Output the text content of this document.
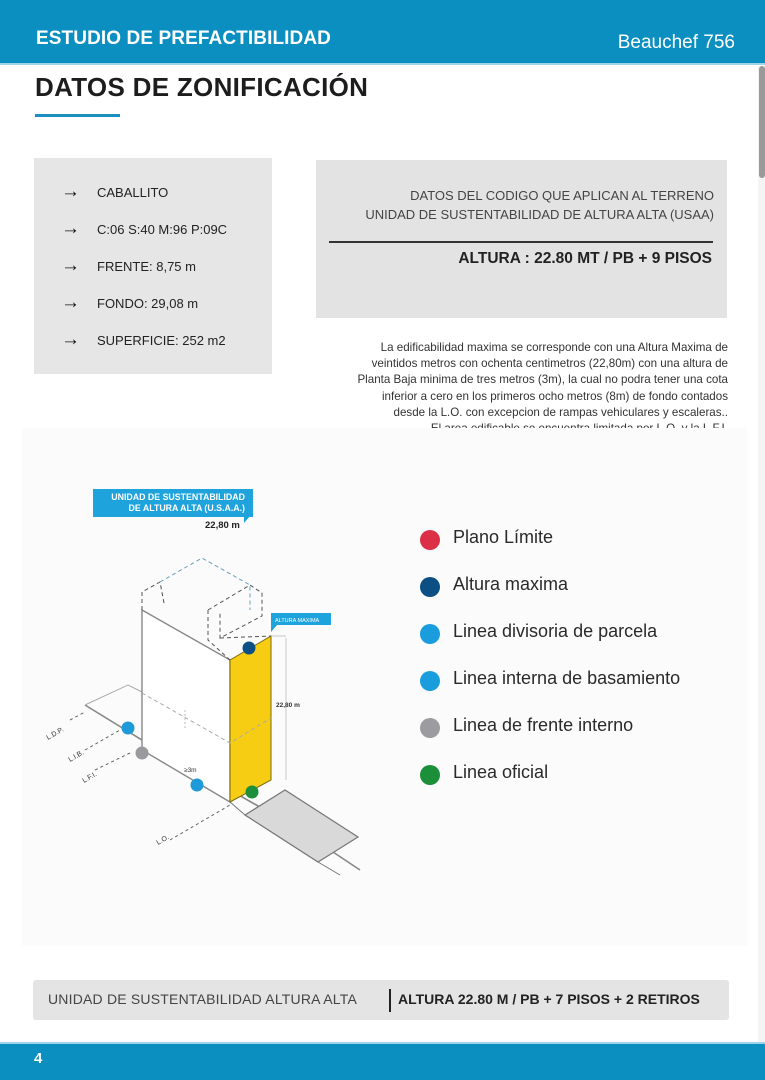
ESTUDIO DE PREFACTIBILIDAD	Beauchef 756
DATOS DE ZONIFICACIÓN
→	CABALLITO
→	C:06 S:40 M:96 P:09C
→	FRENTE: 8,75 m
→	FONDO: 29,08 m
→	SUPERFICIE: 252 m2
DATOS DEL CODIGO QUE APLICAN AL TERRENO
UNIDAD DE SUSTENTABILIDAD DE ALTURA ALTA (USAA)
ALTURA : 22.80 MT / PB + 9 PISOS
La edificabilidad maxima se corresponde con una Altura Maxima de
veintidos metros con ochenta centimetros (22,80m) con una altura de
Planta Baja minima de tres metros (3m), la cual no podra tener una cota
inferior a cero en los primeros ocho metros (8m) de fondo contados
desde la L.O. con excepcion de rampas vehiculares y escaleras..
UNIDAD DE SUSTENTABILIDAD
DE ALTURA ALTA (U.S.A.A.)
22,80 m
L.D.P.
L.I.B.
L.F.I.
L.O.
≥3m
22,80 m
ALTURA MAXIMA
Plano Límite
Altura maxima
Linea divisoria de parcela
Linea interna de basamiento
Linea de frente interno
Linea oficial
UNIDAD DE SUSTENTABILIDAD ALTURA ALTA	ALTURA 22.80 M / PB + 7 PISOS + 2 RETIROS
4
